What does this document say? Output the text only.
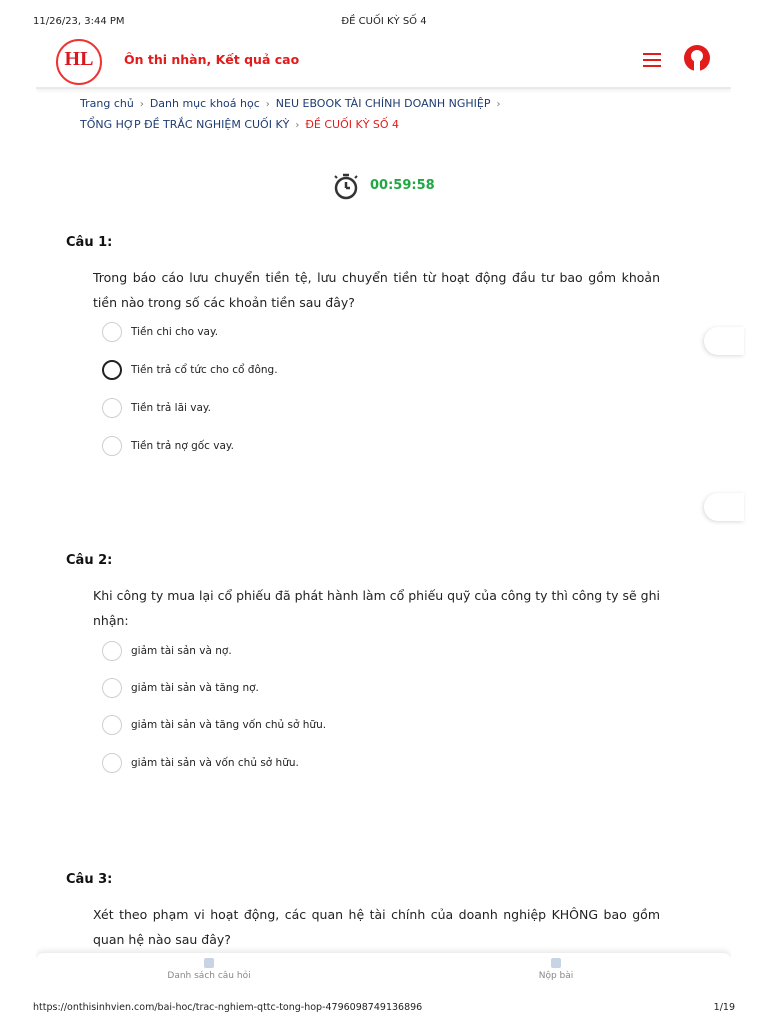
11/26/23, 3:44 PM	ĐỀ CUỐI KỲ SỐ 4
HL	Ôn thi nhàn, Kết quả cao
Trang chủ › Danh mục khoá học › NEU EBOOK TÀI CHÍNH DOANH NGHIỆP ›
TỔNG HỢP ĐỀ TRẮC NGHIỆM CUỐI KỲ › ĐỀ CUỐI KỲ SỐ 4
00:59:58
Câu 1:
Trong báo cáo lưu chuyển tiền tệ, lưu chuyển tiền từ hoạt động đầu tư bao gồm khoản tiền nào trong số các khoản tiền sau đây?
Tiền chi cho vay.
Tiền trả cổ tức cho cổ đông.
Tiền trả lãi vay.
Tiền trả nợ gốc vay.
Câu 2:
Khi công ty mua lại cổ phiếu đã phát hành làm cổ phiếu quỹ của công ty thì công ty sẽ ghi nhận:
giảm tài sản và nợ.
giảm tài sản và tăng nợ.
giảm tài sản và tăng vốn chủ sở hữu.
giảm tài sản và vốn chủ sở hữu.
Câu 3:
Xét theo phạm vi hoạt động, các quan hệ tài chính của doanh nghiệp KHÔNG bao gồm quan hệ nào sau đây?
Danh sách câu hỏi	Nộp bài
https://onthisinhvien.com/bai-hoc/trac-nghiem-qttc-tong-hop-4796098749136896	1/19
